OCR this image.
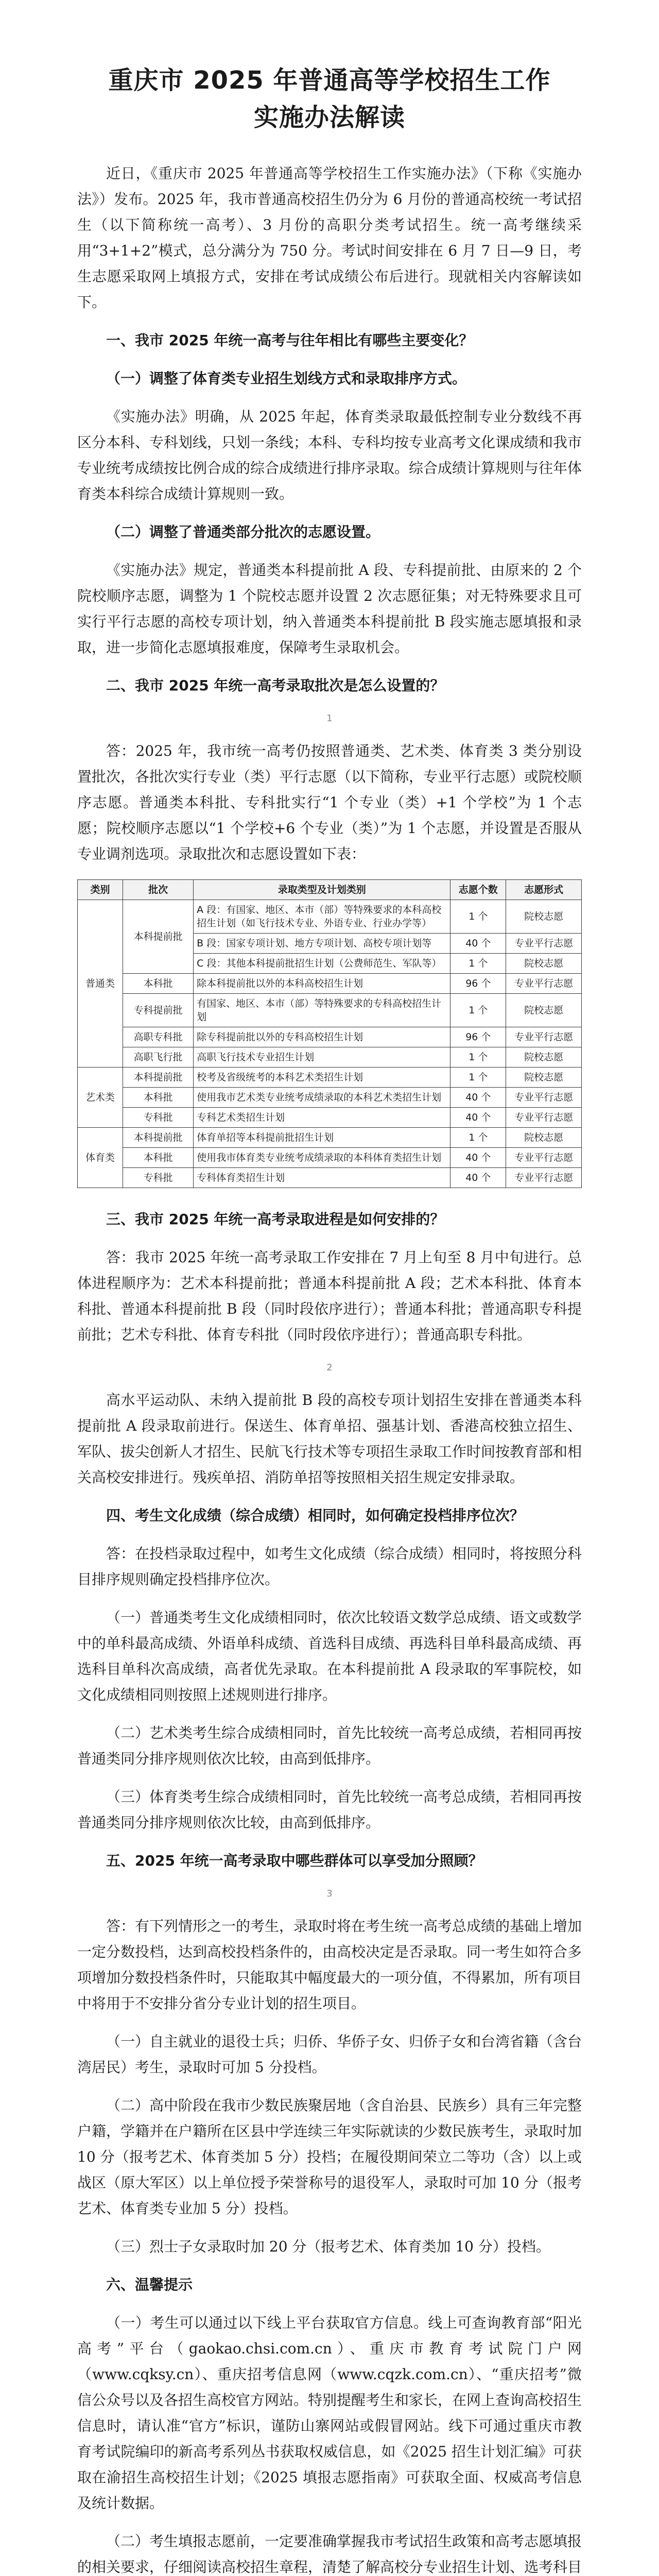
重庆市 2025 年普通高等学校招生工作
实施办法解读

近日，《重庆市 2025 年普通高等学校招生工作实施办法》（下称《实施办法》）发布。2025 年，我市普通高校招生仍分为 6 月份的普通高校统一考试招生（以下简称统一高考）、3 月份的高职分类考试招生。统一高考继续采用“3+1+2”模式，总分满分为 750 分。考试时间安排在 6 月 7 日—9 日，考生志愿采取网上填报方式，安排在考试成绩公布后进行。现就相关内容解读如下。

一、我市 2025 年统一高考与往年相比有哪些主要变化？

（一）调整了体育类专业招生划线方式和录取排序方式。

《实施办法》明确，从 2025 年起，体育类录取最低控制专业分数线不再区分本科、专科划线，只划一条线；本科、专科均按专业高考文化课成绩和我市专业统考成绩按比例合成的综合成绩进行排序录取。综合成绩计算规则与往年体育类本科综合成绩计算规则一致。

（二）调整了普通类部分批次的志愿设置。

《实施办法》规定，普通类本科提前批 A 段、专科提前批、由原来的 2 个院校顺序志愿，调整为 1 个院校志愿并设置 2 次志愿征集；对无特殊要求且可实行平行志愿的高校专项计划，纳入普通类本科提前批 B 段实施志愿填报和录取，进一步简化志愿填报难度，保障考生录取机会。

二、我市 2025 年统一高考录取批次是怎么设置的？

1

答：2025 年，我市统一高考仍按照普通类、艺术类、体育类 3 类分别设置批次，各批次实行专业（类）平行志愿（以下简称，专业平行志愿）或院校顺序志愿。普通类本科批、专科批实行“1 个专业（类）+1 个学校”为 1 个志愿；院校顺序志愿以“1 个学校+6 个专业（类）”为 1 个志愿，并设置是否服从专业调剂选项。录取批次和志愿设置如下表：

类别	批次	录取类型及计划类别	志愿个数	志愿形式
普通类	本科提前批	A 段：有国家、地区、本市（部）等特殊要求的本科高校招生计划（如飞行技术专业、外语专业、行业办学等）	1 个	院校志愿
		B 段：国家专项计划、地方专项计划、高校专项计划等	40 个	专业平行志愿
		C 段：其他本科提前批招生计划（公费师范生、军队等）	1 个	院校志愿
	本科批	除本科提前批以外的本科高校招生计划	96 个	专业平行志愿
	专科提前批	有国家、地区、本市（部）等特殊要求的专科高校招生计划	1 个	院校志愿
	高职专科批	除专科提前批以外的专科高校招生计划	96 个	专业平行志愿
	高职飞行批	高职飞行技术专业招生计划	1 个	院校志愿
艺术类	本科提前批	校考及省级统考的本科艺术类招生计划	1 个	院校志愿
	本科批	使用我市艺术类专业统考成绩录取的本科艺术类招生计划	40 个	专业平行志愿
	专科批	专科艺术类招生计划	40 个	专业平行志愿
体育类	本科提前批	体育单招等本科提前批招生计划	1 个	院校志愿
	本科批	使用我市体育类专业统考成绩录取的本科体育类招生计划	40 个	专业平行志愿
	专科批	专科体育类招生计划	40 个	专业平行志愿

三、我市 2025 年统一高考录取进程是如何安排的？

答：我市 2025 年统一高考录取工作安排在 7 月上旬至 8 月中旬进行。总体进程顺序为：艺术本科提前批；普通本科提前批 A 段；艺术本科批、体育本科批、普通本科提前批 B 段（同时段依序进行）；普通本科批；普通高职专科提前批；艺术专科批、体育专科批（同时段依序进行）；普通高职专科批。

2

高水平运动队、未纳入提前批 B 段的高校专项计划招生安排在普通类本科提前批 A 段录取前进行。保送生、体育单招、强基计划、香港高校独立招生、军队、拔尖创新人才招生、民航飞行技术等专项招生录取工作时间按教育部和相关高校安排进行。残疾单招、消防单招等按照相关招生规定安排录取。

四、考生文化成绩（综合成绩）相同时，如何确定投档排序位次？

答：在投档录取过程中，如考生文化成绩（综合成绩）相同时，将按照分科目排序规则确定投档排序位次。

（一）普通类考生文化成绩相同时，依次比较语文数学总成绩、语文或数学中的单科最高成绩、外语单科成绩、首选科目成绩、再选科目单科最高成绩、再选科目单科次高成绩，高者优先录取。在本科提前批 A 段录取的军事院校，如文化成绩相同则按照上述规则进行排序。

（二）艺术类考生综合成绩相同时，首先比较统一高考总成绩，若相同再按普通类同分排序规则依次比较，由高到低排序。

（三）体育类考生综合成绩相同时，首先比较统一高考总成绩，若相同再按普通类同分排序规则依次比较，由高到低排序。

五、2025 年统一高考录取中哪些群体可以享受加分照顾？

3

答：有下列情形之一的考生，录取时将在考生统一高考总成绩的基础上增加一定分数投档，达到高校投档条件的，由高校决定是否录取。同一考生如符合多项增加分数投档条件时，只能取其中幅度最大的一项分值，不得累加，所有项目中将用于不安排分省分专业计划的招生项目。

（一）自主就业的退役士兵；归侨、华侨子女、归侨子女和台湾省籍（含台湾居民）考生，录取时可加 5 分投档。

（二）高中阶段在我市少数民族聚居地（含自治县、民族乡）具有三年完整户籍，学籍并在户籍所在区县中学连续三年实际就读的少数民族考生，录取时加 10 分（报考艺术、体育类加 5 分）投档；在履役期间荣立二等功（含）以上或战区（原大军区）以上单位授予荣誉称号的退役军人，录取时可加 10 分（报考艺术、体育类专业加 5 分）投档。

（三）烈士子女录取时加 20 分（报考艺术、体育类加 10 分）投档。

六、温馨提示

（一）考生可以通过以下线上平台获取官方信息。线上可查询教育部“阳光高考”平台（gaokao.chsi.com.cn）、重庆市教育考试院门户网（www.cqksy.cn）、重庆招考信息网（www.cqzk.com.cn）、“重庆招考”微信公众号以及各招生高校官方网站。特别提醒考生和家长，在网上查询高校招生信息时，请认准“官方”标识，谨防山寨网站或假冒网站。线下可通过重庆市教育考试院编印的新高考系列丛书获取权威信息，如《2025 招生计划汇编》可获取在渝招生高校招生计划；《2025 填报志愿指南》可获取全面、权威高考信息及统计数据。

（二）考生填报志愿前，一定要准确掌握我市考试招生政策和高考志愿填报的相关要求，仔细阅读高校招生章程，清楚了解高校分专业招生计划、选考科目
